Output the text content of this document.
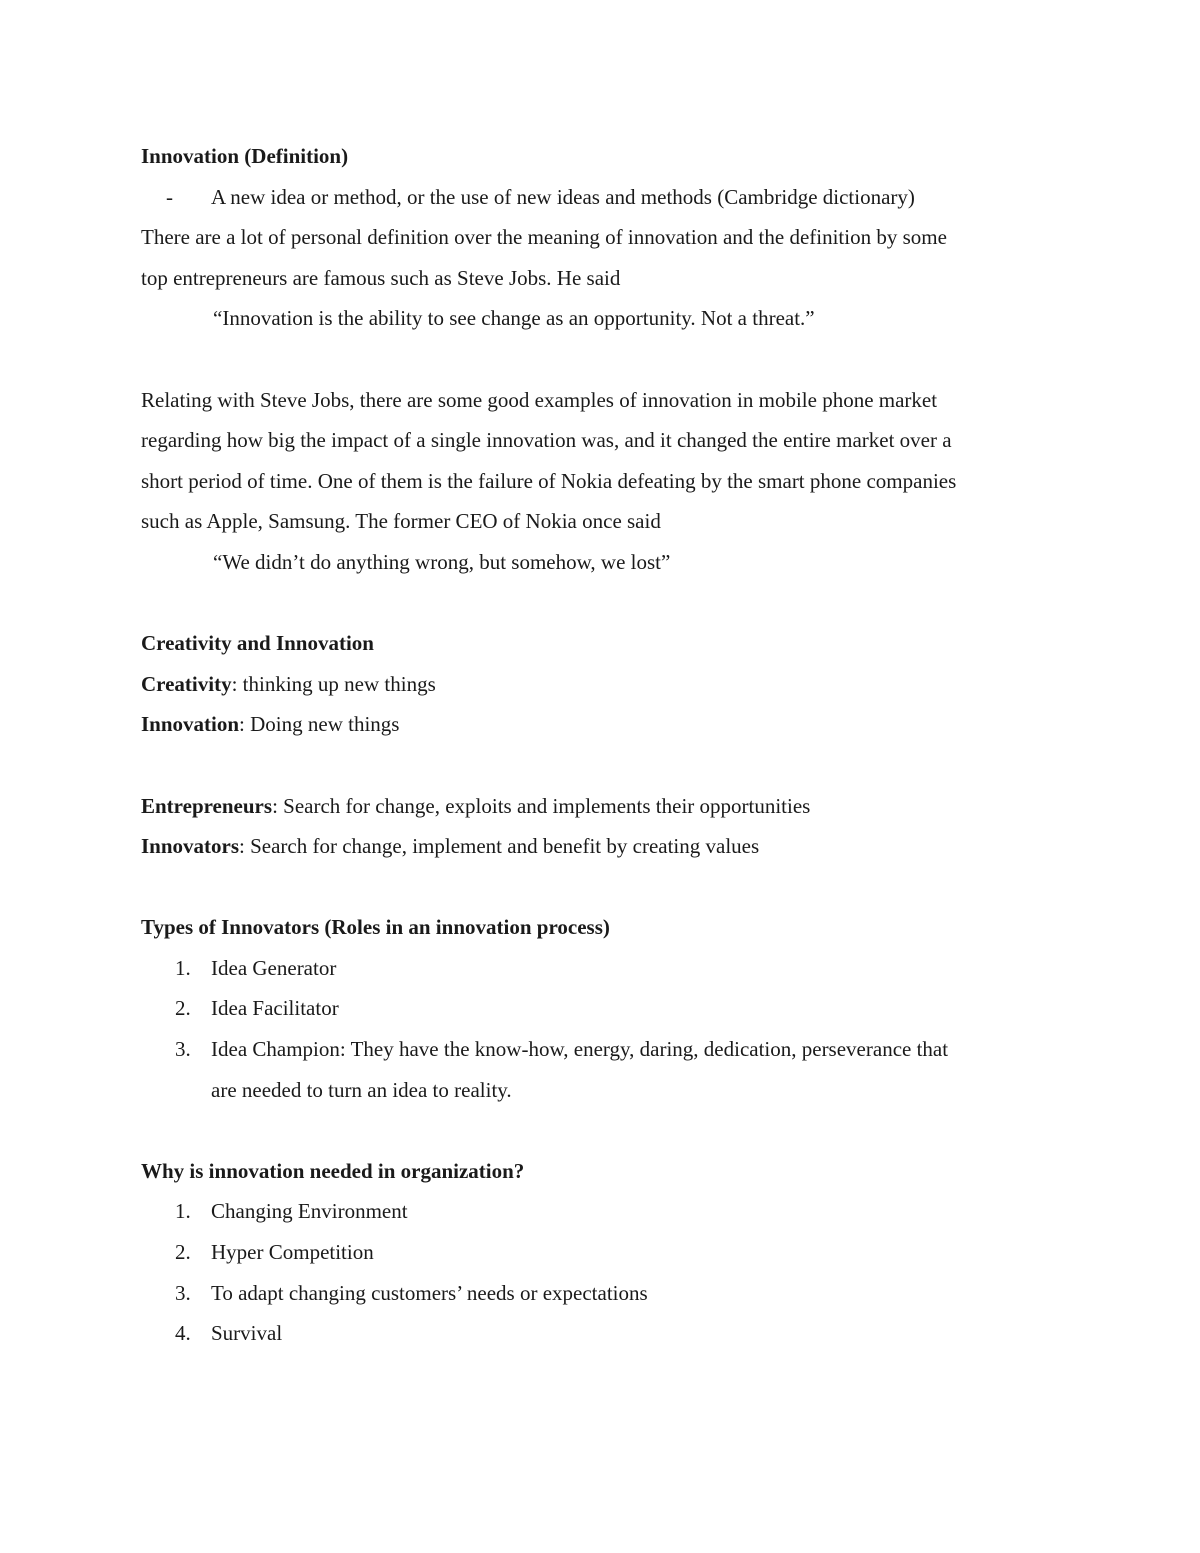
Innovation (Definition)
- A new idea or method, or the use of new ideas and methods (Cambridge dictionary)
There are a lot of personal definition over the meaning of innovation and the definition by some
top entrepreneurs are famous such as Steve Jobs. He said
“Innovation is the ability to see change as an opportunity. Not a threat.”
Relating with Steve Jobs, there are some good examples of innovation in mobile phone market
regarding how big the impact of a single innovation was, and it changed the entire market over a
short period of time. One of them is the failure of Nokia defeating by the smart phone companies
such as Apple, Samsung. The former CEO of Nokia once said
“We didn’t do anything wrong, but somehow, we lost”
Creativity and Innovation
Creativity: thinking up new things
Innovation: Doing new things
Entrepreneurs: Search for change, exploits and implements their opportunities
Innovators: Search for change, implement and benefit by creating values
Types of Innovators (Roles in an innovation process)
1. Idea Generator
2. Idea Facilitator
3. Idea Champion: They have the know-how, energy, daring, dedication, perseverance that
are needed to turn an idea to reality.
Why is innovation needed in organization?
1. Changing Environment
2. Hyper Competition
3. To adapt changing customers’ needs or expectations
4. Survival
